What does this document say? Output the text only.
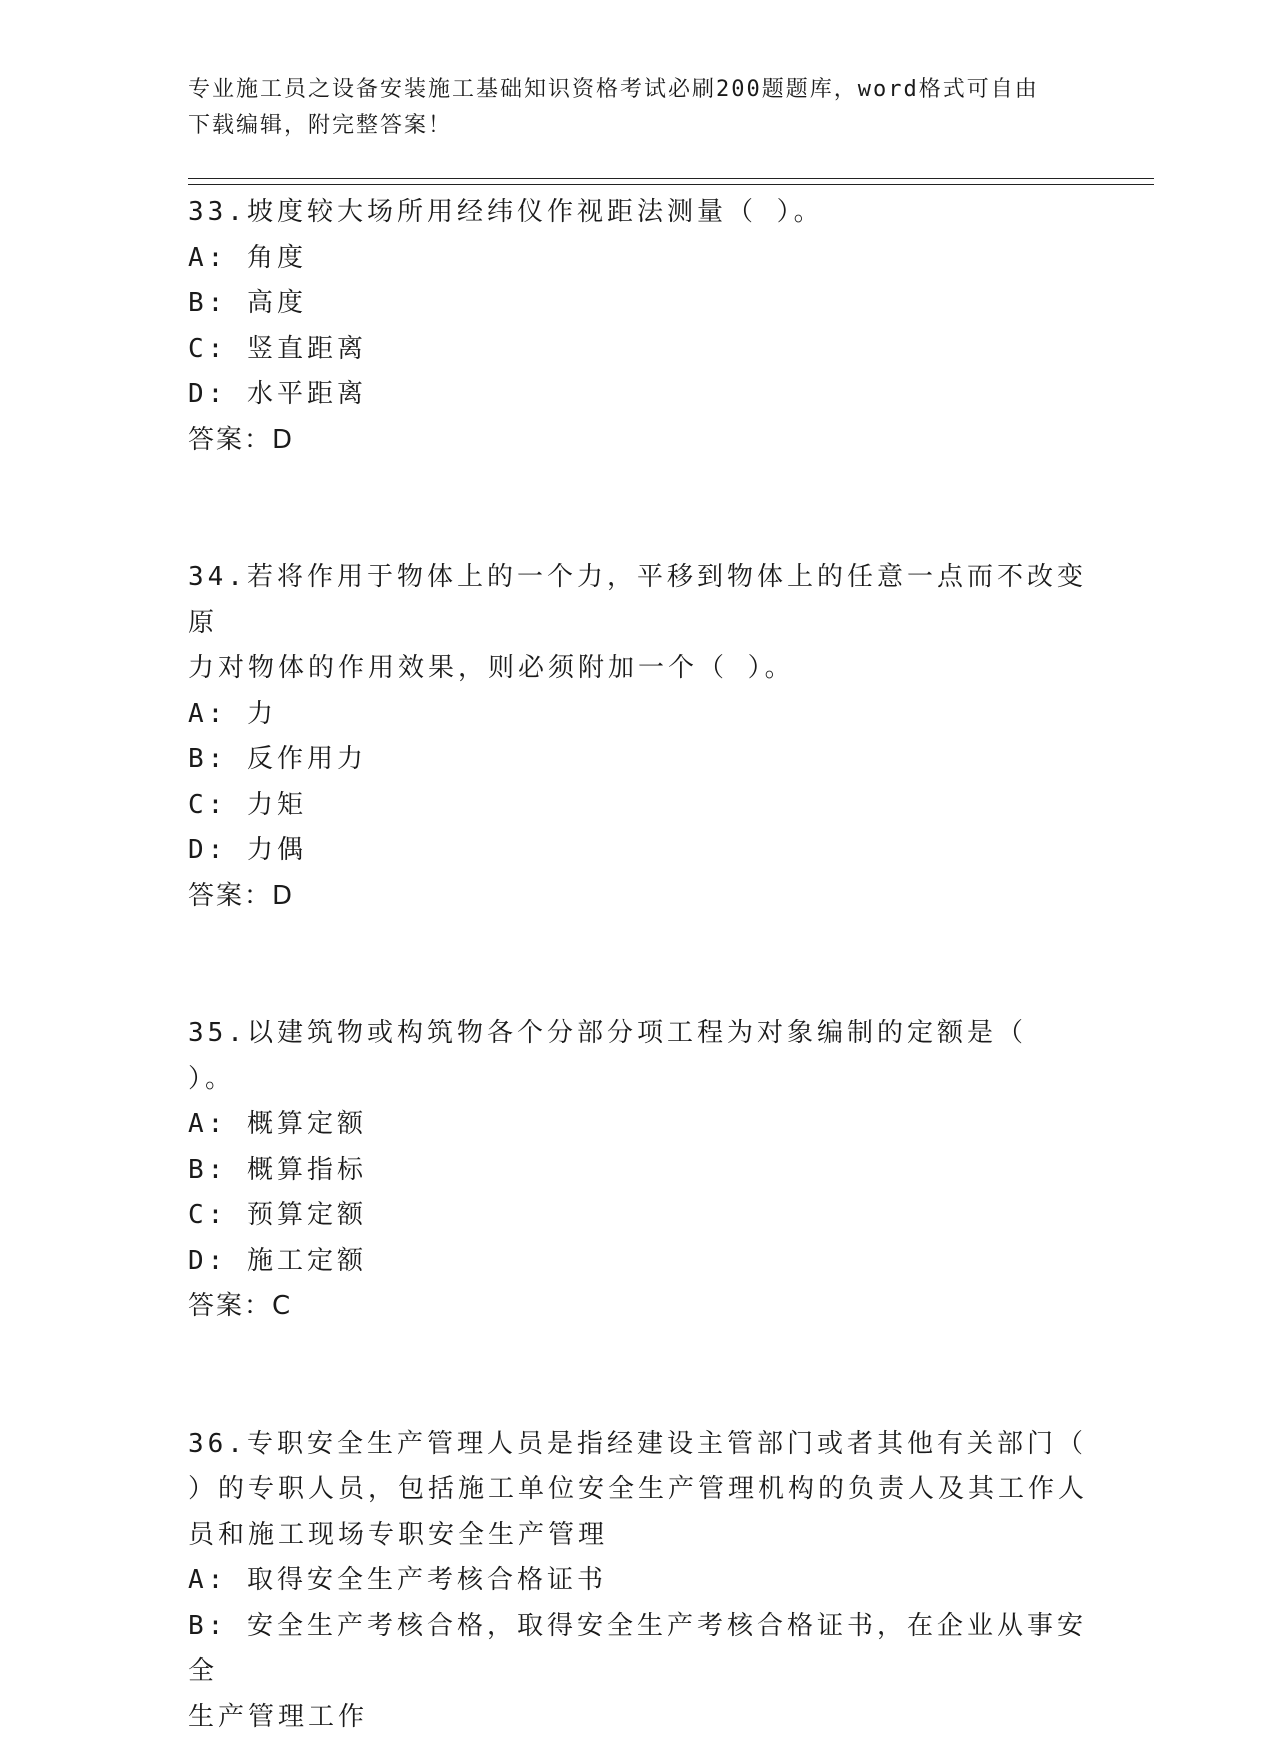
专业施工员之设备安装施工基础知识资格考试必刷200题题库，word格式可自由
下载编辑，附完整答案！
33.坡度较大场所用经纬仪作视距法测量（ ）。
A: 角度
B: 高度
C: 竖直距离
D: 水平距离
答案：D
34.若将作用于物体上的一个力，平移到物体上的任意一点而不改变原
力对物体的作用效果，则必须附加一个（ ）。
A: 力
B: 反作用力
C: 力矩
D: 力偶
答案：D
35.以建筑物或构筑物各个分部分项工程为对象编制的定额是（ ）。
A: 概算定额
B: 概算指标
C: 预算定额
D: 施工定额
答案：C
36.专职安全生产管理人员是指经建设主管部门或者其他有关部门（
）的专职人员，包括施工单位安全生产管理机构的负责人及其工作人
员和施工现场专职安全生产管理
A: 取得安全生产考核合格证书
B: 安全生产考核合格，取得安全生产考核合格证书，在企业从事安全
生产管理工作
